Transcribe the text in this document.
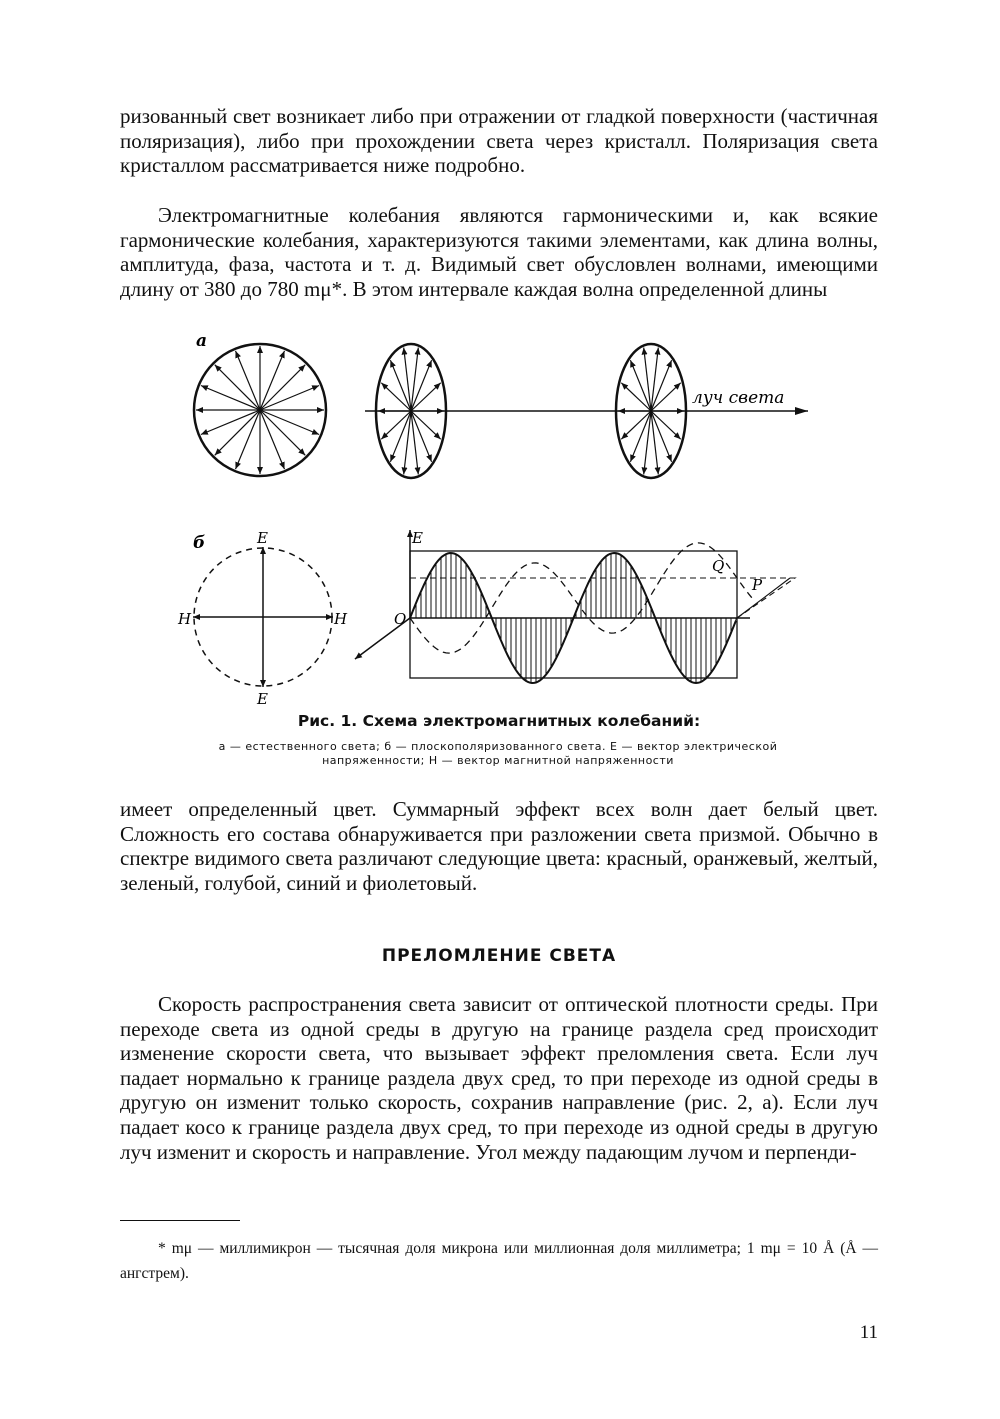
ризованный свет возникает либо при отражении от гладкой поверхности (частичная поляризация), либо при прохождении света через кристалл. Поляризация света кристаллом рассматривается ниже подробно.

Электромагнитные колебания являются гармоническими и, как всякие гармонические колебания, характеризуются такими элементами, как длина волны, амплитуда, фаза, частота и т. д. Видимый свет обусловлен волнами, имеющими длину от 380 до 780 mμ*. В этом интервале каждая волна определенной длины

а
луч света
б	E
E
H	H
E
O
Q
P
Рис. 1. Схема электромагнитных колебаний:
а — естественного света; б — плоскополяризованного света. E — вектор электрической напряженности; H — вектор магнитной напряженности

имеет определенный цвет. Суммарный эффект всех волн дает белый цвет. Сложность его состава обнаруживается при разложении света призмой. Обычно в спектре видимого света различают следующие цвета: красный, оранжевый, желтый, зеленый, голубой, синий и фиолетовый.

ПРЕЛОМЛЕНИЕ СВЕТА

Скорость распространения света зависит от оптической плотности среды. При переходе света из одной среды в другую на границе раздела сред происходит изменение скорости света, что вызывает эффект преломления света. Если луч падает нормально к границе раздела двух сред, то при переходе из одной среды в другую он изменит только скорость, сохранив направление (рис. 2, а). Если луч падает косо к границе раздела двух сред, то при переходе из одной среды в другую луч изменит и скорость и направление. Угол между падающим лучом и перпенди-

* mμ — миллимикрон — тысячная доля микрона или миллионная доля миллиметра; 1 mμ = 10 Å (Å — ангстрем).

11
